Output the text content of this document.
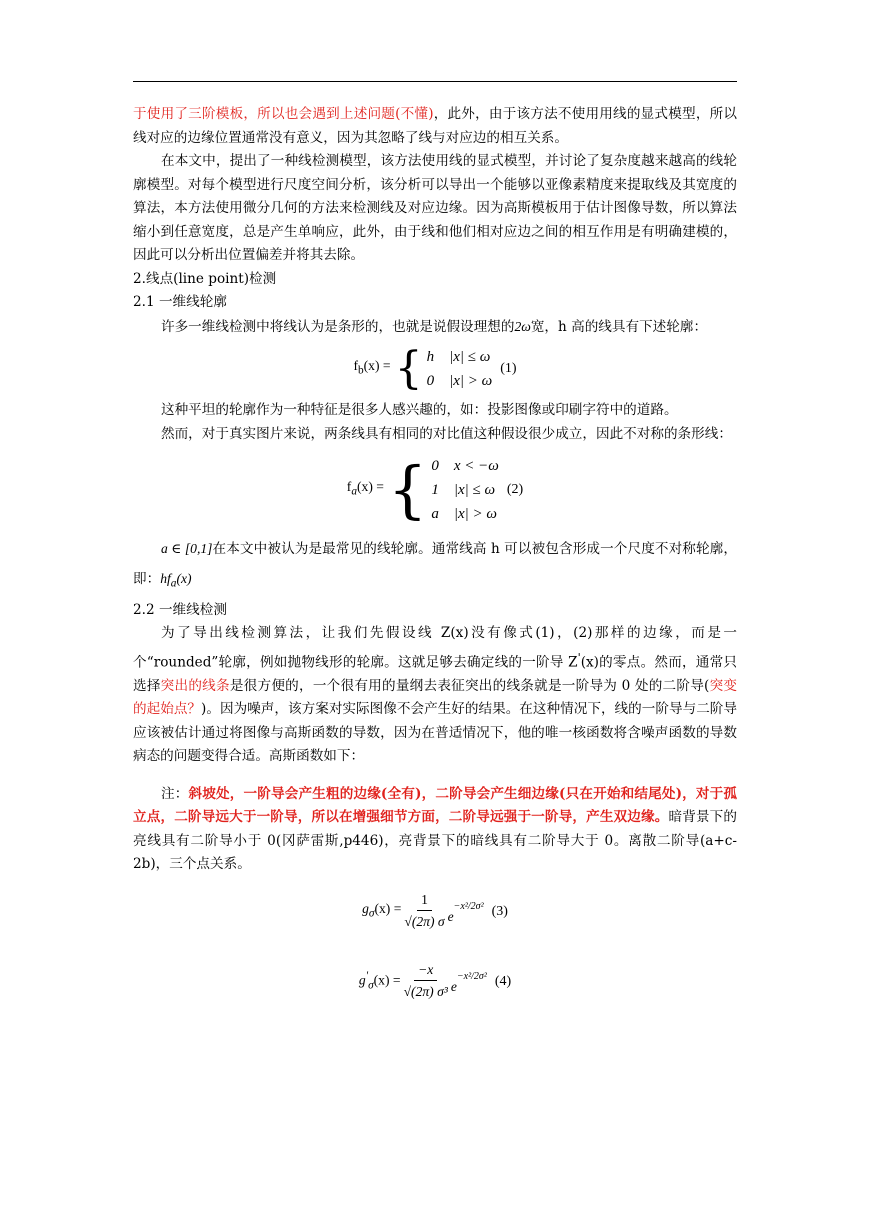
于使用了三阶模板，所以也会遇到上述问题(不懂)，此外，由于该方法不使用用线的显式模型，所以线对应的边缘位置通常没有意义，因为其忽略了线与对应边的相互关系。

在本文中，提出了一种线检测模型，该方法使用线的显式模型，并讨论了复杂度越来越高的线轮廓模型。对每个模型进行尺度空间分析，该分析可以导出一个能够以亚像素精度来提取线及其宽度的算法，本方法使用微分几何的方法来检测线及对应边缘。因为高斯模板用于估计图像导数，所以算法缩小到任意宽度，总是产生单响应，此外，由于线和他们相对应边之间的相互作用是有明确建模的，因此可以分析出位置偏差并将其去除。

2.线点(line point)检测

2.1 一维线轮廓

许多一维线检测中将线认为是条形的，也就是说假设理想的2ω宽，h 高的线具有下述轮廓：

$f_b(x)$ = { h    |x| ≤ ω
0    |x| > ω
(1)

这种平坦的轮廓作为一种特征是很多人感兴趣的，如：投影图像或印刷字符中的道路。

然而，对于真实图片来说，两条线具有相同的对比值这种假设很少成立，因此不对称的条形线：

$f_a(x)$ = { 0    x < −ω
1    |x| ≤ ω
a    |x| > ω
(2)

a ∈ [0,1]在本文中被认为是最常见的线轮廓。通常线高 h 可以被包含形成一个尺度不对称轮廓，即：$hf_a(x)$

2.2 一维线检测

为了导出线检测算法，让我们先假设线 Z(x)没有像式(1)，(2)那样的边缘，而是一个“rounded”轮廓，例如抛物线形的轮廓。这就足够去确定线的一阶导 Z'(x)的零点。然而，通常只选择突出的线条是很方便的，一个很有用的量纲去表征突出的线条就是一阶导为 0 处的二阶导(突变的起始点？)。因为噪声，该方案对实际图像不会产生好的结果。在这种情况下，线的一阶导与二阶导应该被估计通过将图像与高斯函数的导数，因为在普适情况下，他的唯一核函数将含噪声函数的导数病态的问题变得合适。高斯函数如下：

注：斜坡处，一阶导会产生粗的边缘(全有)，二阶导会产生细边缘(只在开始和结尾处)，对于孤立点，二阶导远大于一阶导，所以在增强细节方面，二阶导远强于一阶导，产生双边缘。暗背景下的亮线具有二阶导小于 0(冈萨雷斯,p446)，亮背景下的暗线具有二阶导大于 0。离散二阶导(a+c-2b)，三个点关系。

$g_\sigma(x) = \frac{1}{√(2\pi) \sigma} e^{-x^2/2\sigma^2}$ (3)
$g'_\sigma(x) = \frac{-x}{\text{√(2π) σ³}} e^{-x^2/2\sigma^2}$ (4)
